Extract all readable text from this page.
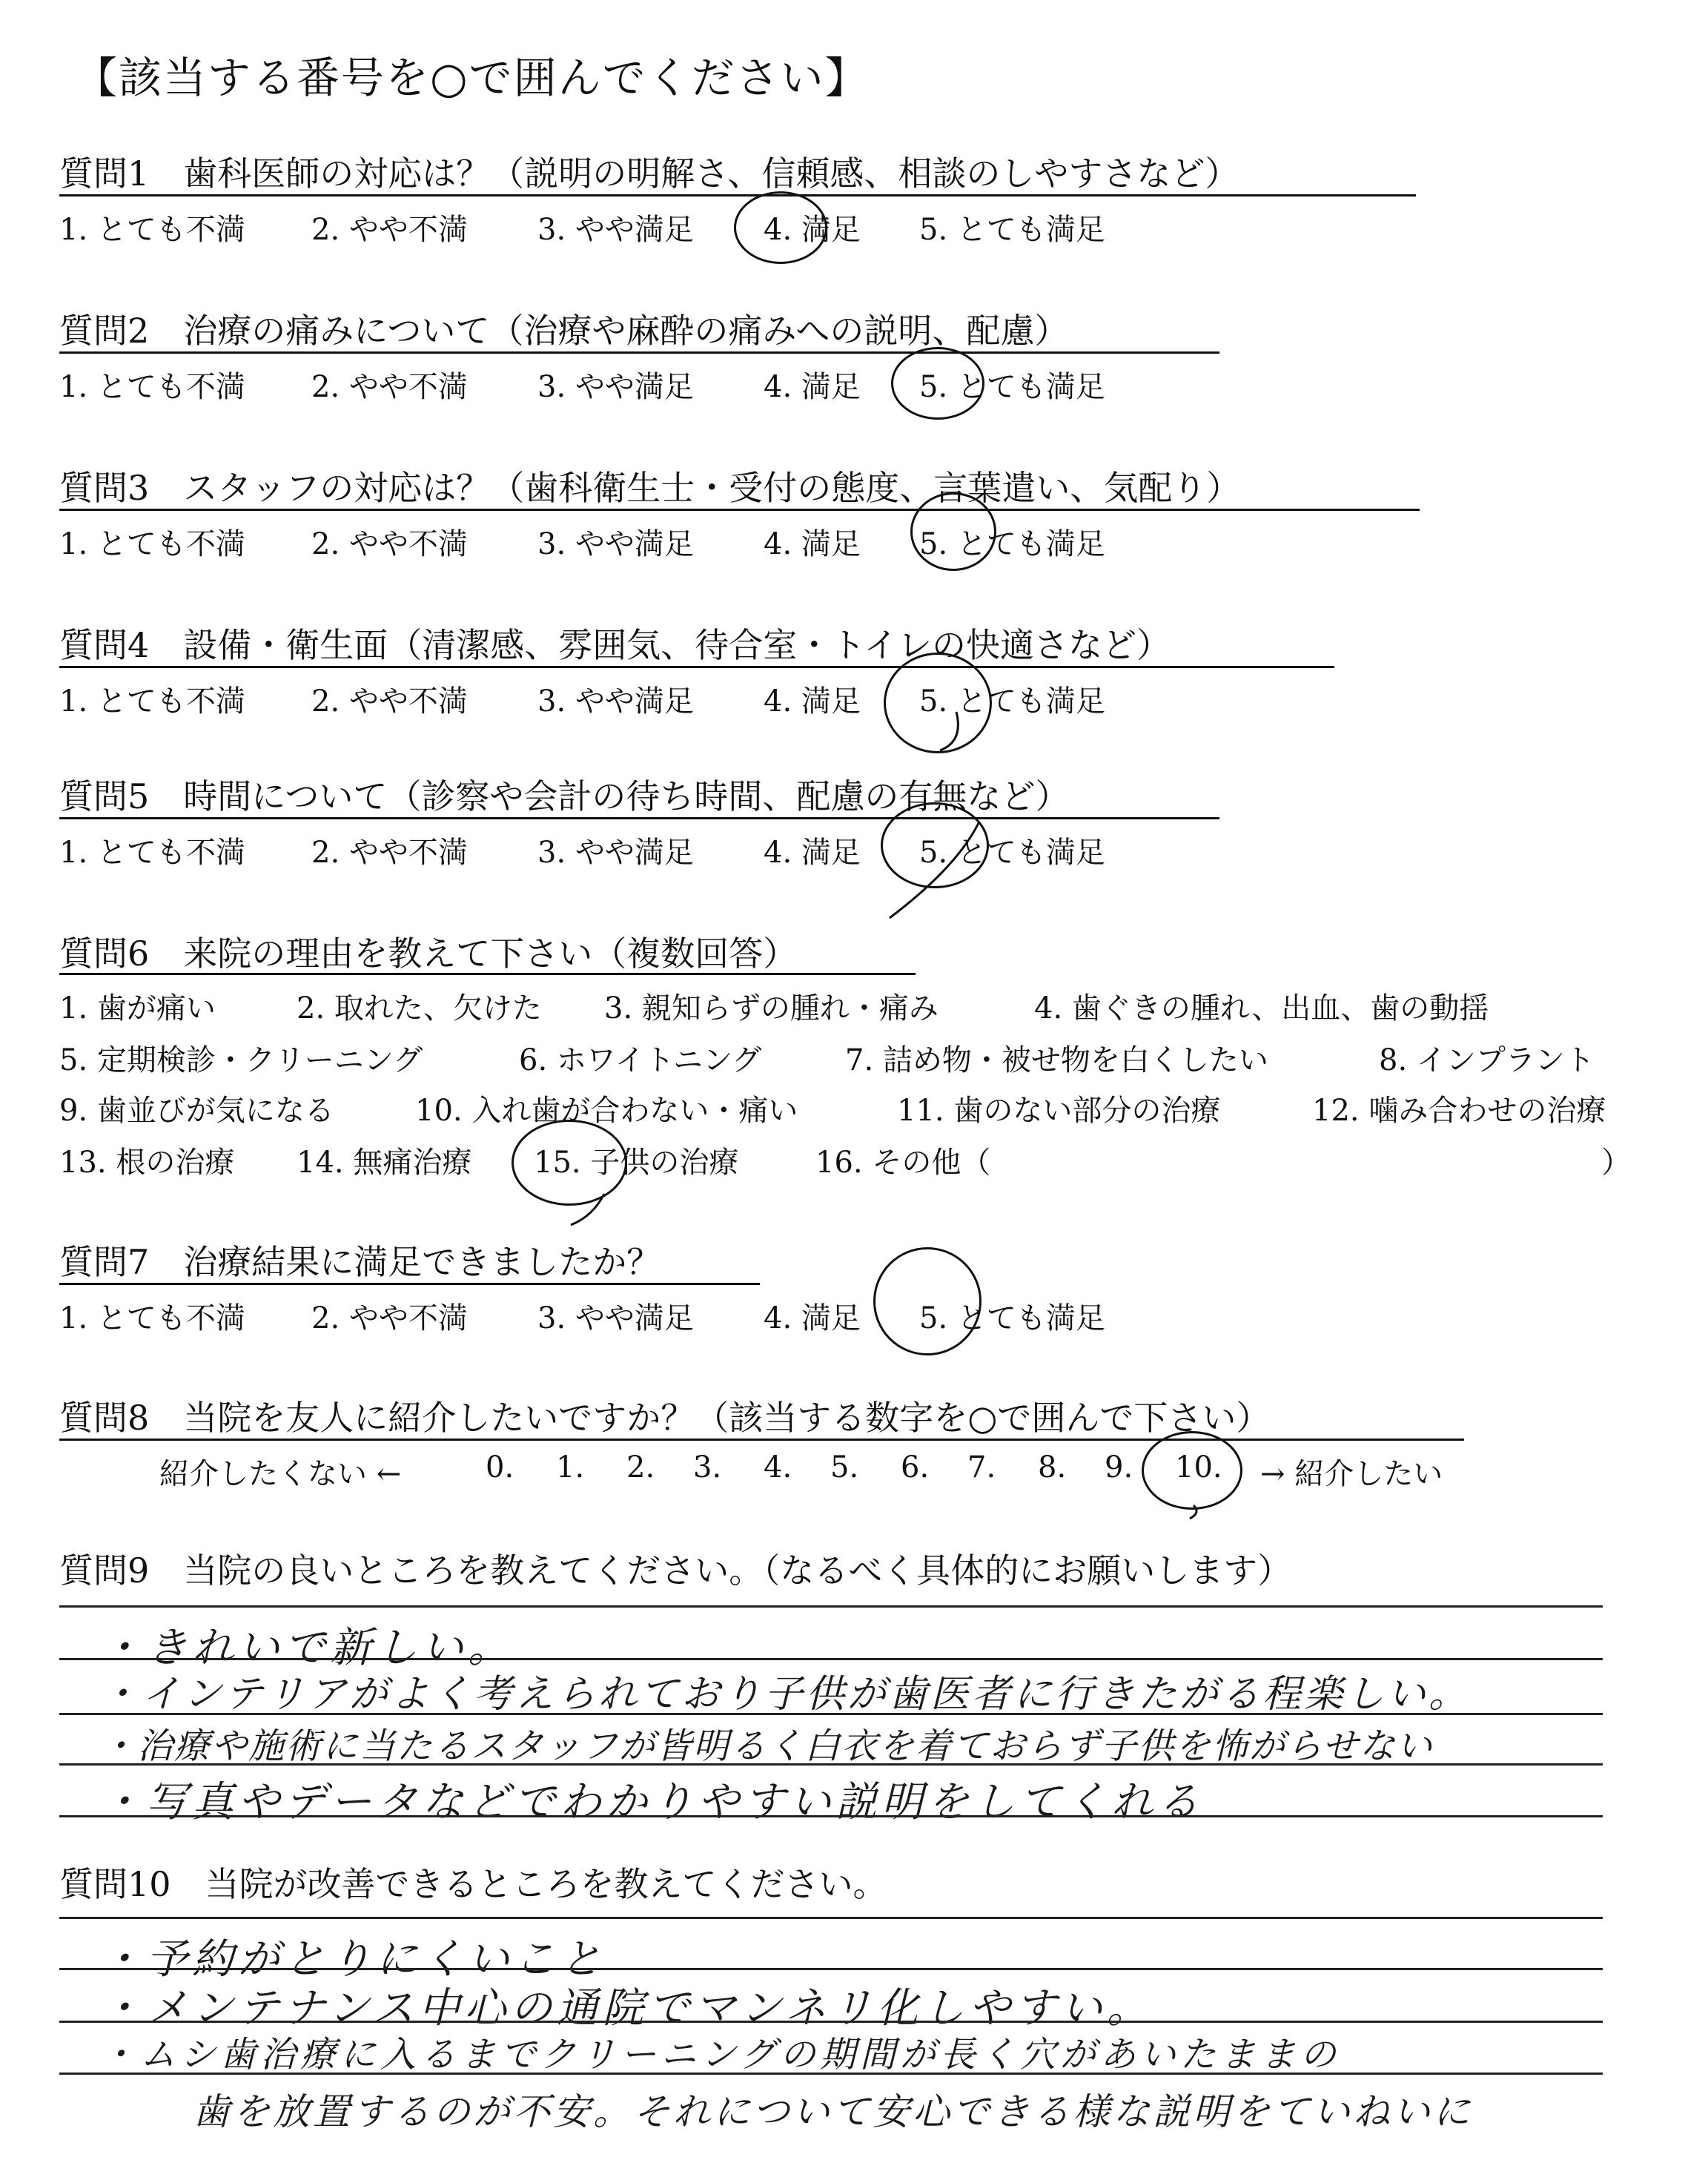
【該当する番号を○で囲んでください】
質問1　歯科医師の対応は？（説明の明解さ、信頼感、相談のしやすさなど）
1. とても不満 2. やや不満 3. やや満足 4. 満足 5. とても満足
質問2　治療の痛みについて（治療や麻酔の痛みへの説明、配慮）
1. とても不満 2. やや不満 3. やや満足 4. 満足 5. とても満足
質問3　スタッフの対応は？（歯科衛生士・受付の態度、言葉遣い、気配り）
1. とても不満 2. やや不満 3. やや満足 4. 満足 5. とても満足
質問4　設備・衛生面（清潔感、雰囲気、待合室・トイレの快適さなど）
1. とても不満 2. やや不満 3. やや満足 4. 満足 5. とても満足
質問5　時間について（診察や会計の待ち時間、配慮の有無など）
1. とても不満 2. やや不満 3. やや満足 4. 満足 5. とても満足
質問6　来院の理由を教えて下さい（複数回答）
1. 歯が痛い	2. 取れた、欠けた 3. 親知らずの腫れ・痛み	4. 歯ぐきの腫れ、出血、歯の動揺
5. 定期検診・クリーニング	6. ホワイトニング	7. 詰め物・被せ物を白くしたい	8. インプラント
9. 歯並びが気になる	10. 入れ歯が合わない・痛い	11. 歯のない部分の治療	12. 噛み合わせの治療
13. 根の治療 14. 無痛治療 15. 子供の治療	16. その他（	）
質問7　治療結果に満足できましたか？
1. とても不満 2. やや不満 3. やや満足 4. 満足 5. とても満足
質問8　当院を友人に紹介したいですか？（該当する数字を○で囲んで下さい）
紹介したくない ←	0. 1. 2. 3. 4. 5. 6. 7. 8. 9. 10. → 紹介したい
質問9　当院の良いところを教えてください。（なるべく具体的にお願いします）
・きれいで新しい。
・インテリアがよく考えられており子供が歯医者に行きたがる程楽しい。
・治療や施術に当たるスタッフが皆明るく白衣を着ておらず子供を怖がらせない
・写真やデータなどでわかりやすい説明をしてくれる
質問10　当院が改善できるところを教えてください。
・予約がとりにくいこと
・メンテナンス中心の通院でマンネリ化しやすい。
・ムシ歯治療に入るまでクリーニングの期間が長く穴があいたままの
歯を放置するのが不安。それについて安心できる様な説明をていねいに
